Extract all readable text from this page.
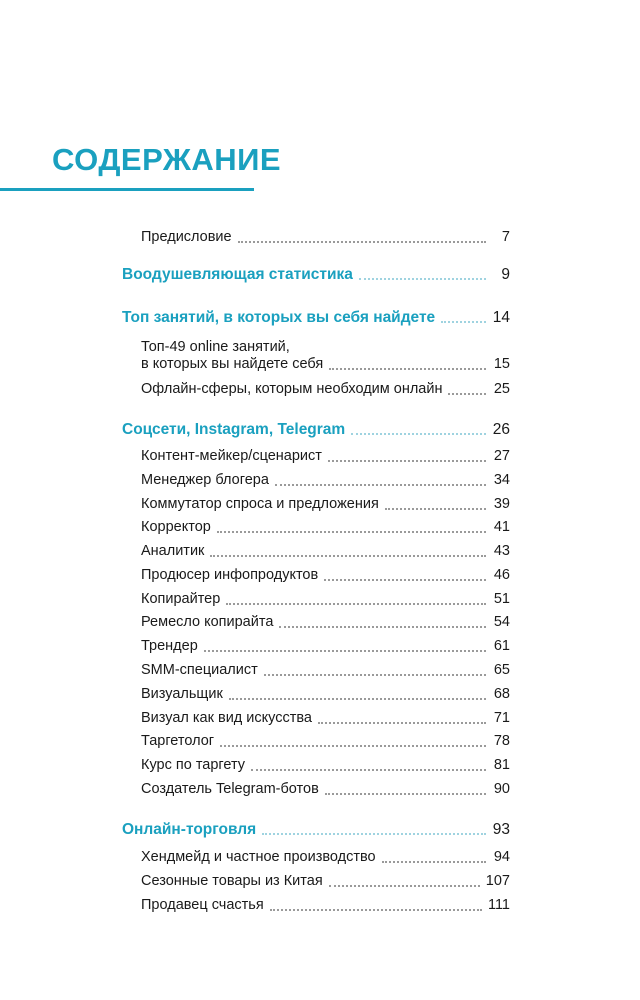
СОДЕРЖАНИЕ
Предисловие	7
Воодушевляющая статистика	9
Топ занятий, в которых вы себя найдете	14
Топ-49 online занятий,
в которых вы найдете себя	15
Офлайн-сферы, которым необходим онлайн	25
Соцсети, Instagram, Telegram	26
Контент-мейкер/сценарист	27
Менеджер блогера	34
Коммутатор спроса и предложения	39
Корректор	41
Аналитик	43
Продюсер инфопродуктов	46
Копирайтер	51
Ремесло копирайта	54
Трендер	61
SMM-специалист	65
Визуальщик	68
Визуал как вид искусства	71
Таргетолог	78
Курс по таргету	81
Создатель Telegram-ботов	90
Онлайн-торговля	93
Хендмейд и частное производство	94
Сезонные товары из Китая	107
Продавец счастья	111
